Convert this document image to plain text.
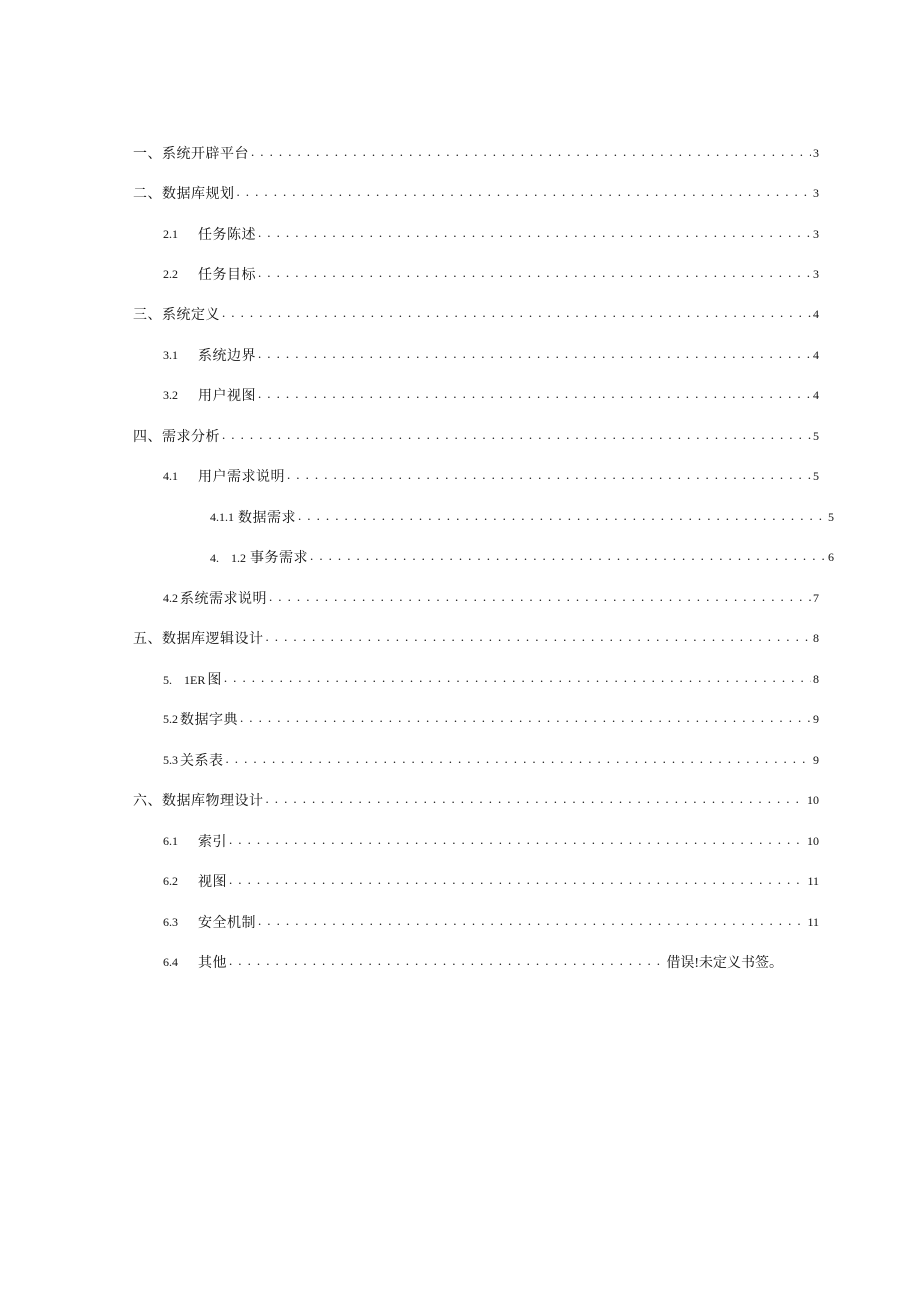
一、系统开辟平台 . . .	3
二、数据库规划 . . .	3
2.1 任务陈述 . . .	3
2.2 任务目标 . . .	3
三、系统定义 . . .	4
3.1 系统边界 . . .	4
3.2 用户视图 . . .	4
四、需求分析 . . .	5
4.1 用户需求说明 . . .	5
4.1.1 数据需求 . . .	5
4.　1.2 事务需求 . . .	6
4.2 系统需求说明 . . .	7
五、数据库逻辑设计 . . .	8
5.　1ER 图 . . .	8
5.2 数据字典 . . .	9
5.3 关系表 . . .	9
六、数据库物理设计 . . .	10
6.1 索引 . . .	10
6.2 视图 . . .	11
6.3 安全机制 . . .	11
6.4 其他 . . .	借误!未定义书签。
